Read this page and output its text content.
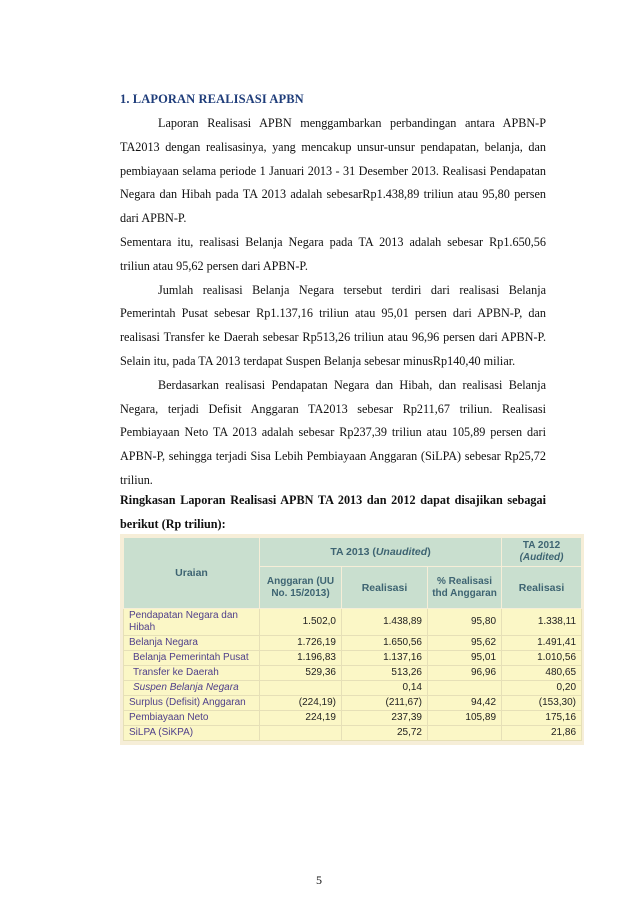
1. LAPORAN REALISASI APBN

Laporan Realisasi APBN menggambarkan perbandingan antara APBN-P TA2013 dengan realisasinya, yang mencakup unsur-unsur pendapatan, belanja, dan pembiayaan selama periode 1 Januari 2013 - 31 Desember 2013. Realisasi Pendapatan Negara dan Hibah pada TA 2013 adalah sebesarRp1.438,89 triliun atau 95,80 persen dari APBN-P.

Sementara itu, realisasi Belanja Negara pada TA 2013 adalah sebesar Rp1.650,56 triliun atau 95,62 persen dari APBN-P.

Jumlah realisasi Belanja Negara tersebut terdiri dari realisasi Belanja Pemerintah Pusat sebesar Rp1.137,16 triliun atau 95,01 persen dari APBN-P, dan realisasi Transfer ke Daerah sebesar Rp513,26 triliun atau 96,96 persen dari APBN-P. Selain itu, pada TA 2013 terdapat Suspen Belanja sebesar minusRp140,40 miliar.

Berdasarkan realisasi Pendapatan Negara dan Hibah, dan realisasi Belanja Negara, terjadi Defisit Anggaran TA2013 sebesar Rp211,67 triliun. Realisasi Pembiayaan Neto TA 2013 adalah sebesar Rp237,39 triliun atau 105,89 persen dari APBN-P, sehingga terjadi Sisa Lebih Pembiayaan Anggaran (SiLPA) sebesar Rp25,72 triliun.

Ringkasan Laporan Realisasi APBN TA 2013 dan 2012 dapat disajikan sebagai berikut (Rp triliun):
Uraian	TA 2013 (Unaudited)			TA 2012
(Audited)
	Anggaran (UU No. 15/2013)	Realisasi	% Realisasi thd Anggaran	Realisasi
Pendapatan Negara dan Hibah	1.502,0	1.438,89	95,80	1.338,11
Belanja Negara	1.726,19	1.650,56	95,62	1.491,41
Belanja Pemerintah Pusat	1.196,83	1.137,16	95,01	1.010,56
Transfer ke Daerah	529,36	513,26	96,96	480,65
Suspen Belanja Negara		0,14		0,20
Surplus (Defisit) Anggaran	(224,19)	(211,67)	94,42	(153,30)
Pembiayaan Neto	224,19	237,39	105,89	175,16
SiLPA (SiKPA)		25,72		21,86
5
